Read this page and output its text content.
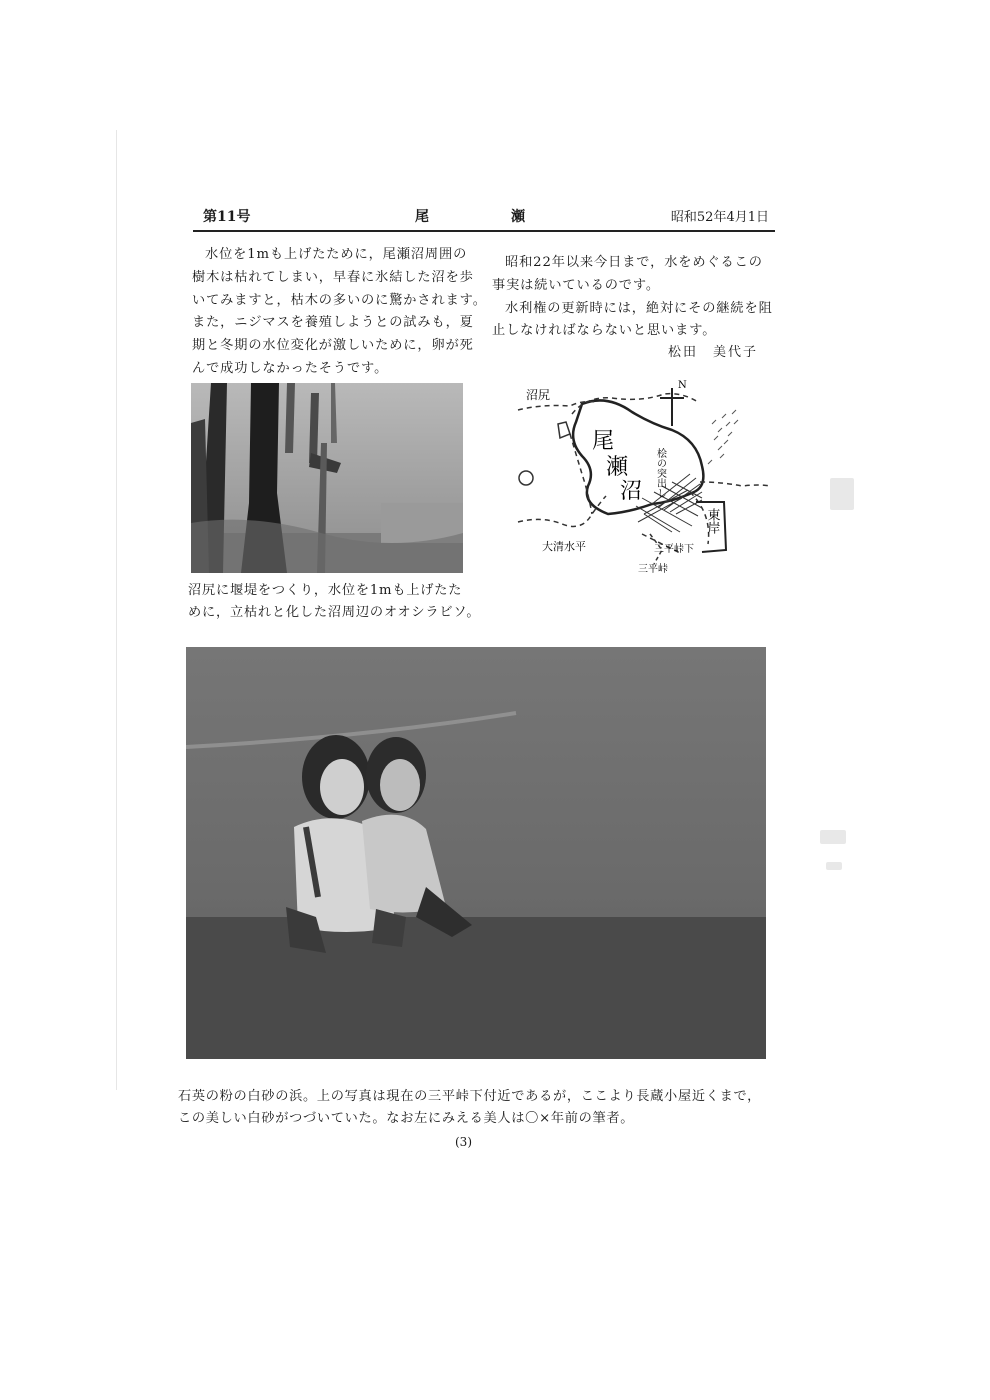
第11号	尾	瀬	昭和52年4月1日

水位を1mも上げたために，尾瀬沼周囲の

樹木は枯れてしまい，早春に氷結した沼を歩

いてみますと，枯木の多いのに驚かされます。

また，ニジマスを養殖しようとの試みも，夏

期と冬期の水位変化が激しいために，卵が死

んで成功しなかったそうです。

昭和22年以来今日まで，水をめぐるこの

事実は続いているのです。

水利権の更新時には，絶対にその継続を阻

止しなければならないと思います。

松田　美代子

沼尻に堰堤をつくり，水位を1mも上げたた

めに，立枯れと化した沼周辺のオオシラビソ。

沼尻
尾
瀬
沼 桧の突出し
N
東岸
大清水平	三平峠下
三平峠

石英の粉の白砂の浜。上の写真は現在の三平峠下付近であるが，ここより長蔵小屋近くまで，

この美しい白砂がつづいていた。なお左にみえる美人は〇×年前の筆者。

(3)
